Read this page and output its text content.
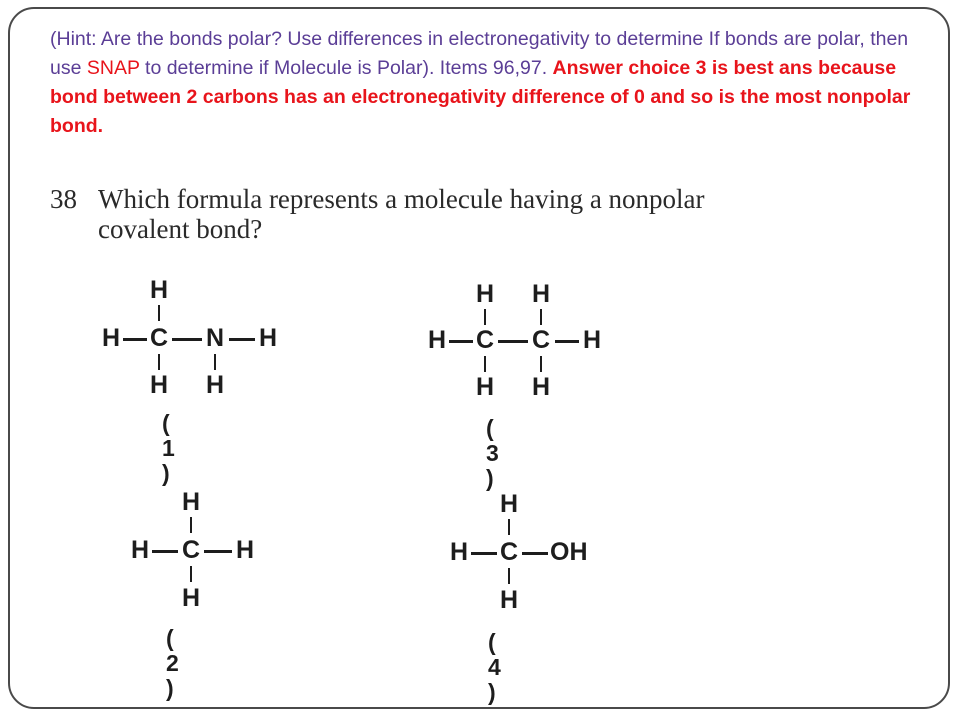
(Hint: Are the bonds polar? Use differences in electronegativity to determine If bonds are polar, then use SNAP to determine if Molecule is Polar). Items 96,97. Answer choice 3 is best ans because bond between 2 carbons has an electronegativity difference of 0 and so is the most nonpolar bond.
38 Which formula represents a molecule having a nonpolar covalent bond?
H
H C N H
H H
( 1 )
H H
H C C H
H H
( 3 )
H
H C H
H
( 2 )
H
H C OH
H
( 4 )
